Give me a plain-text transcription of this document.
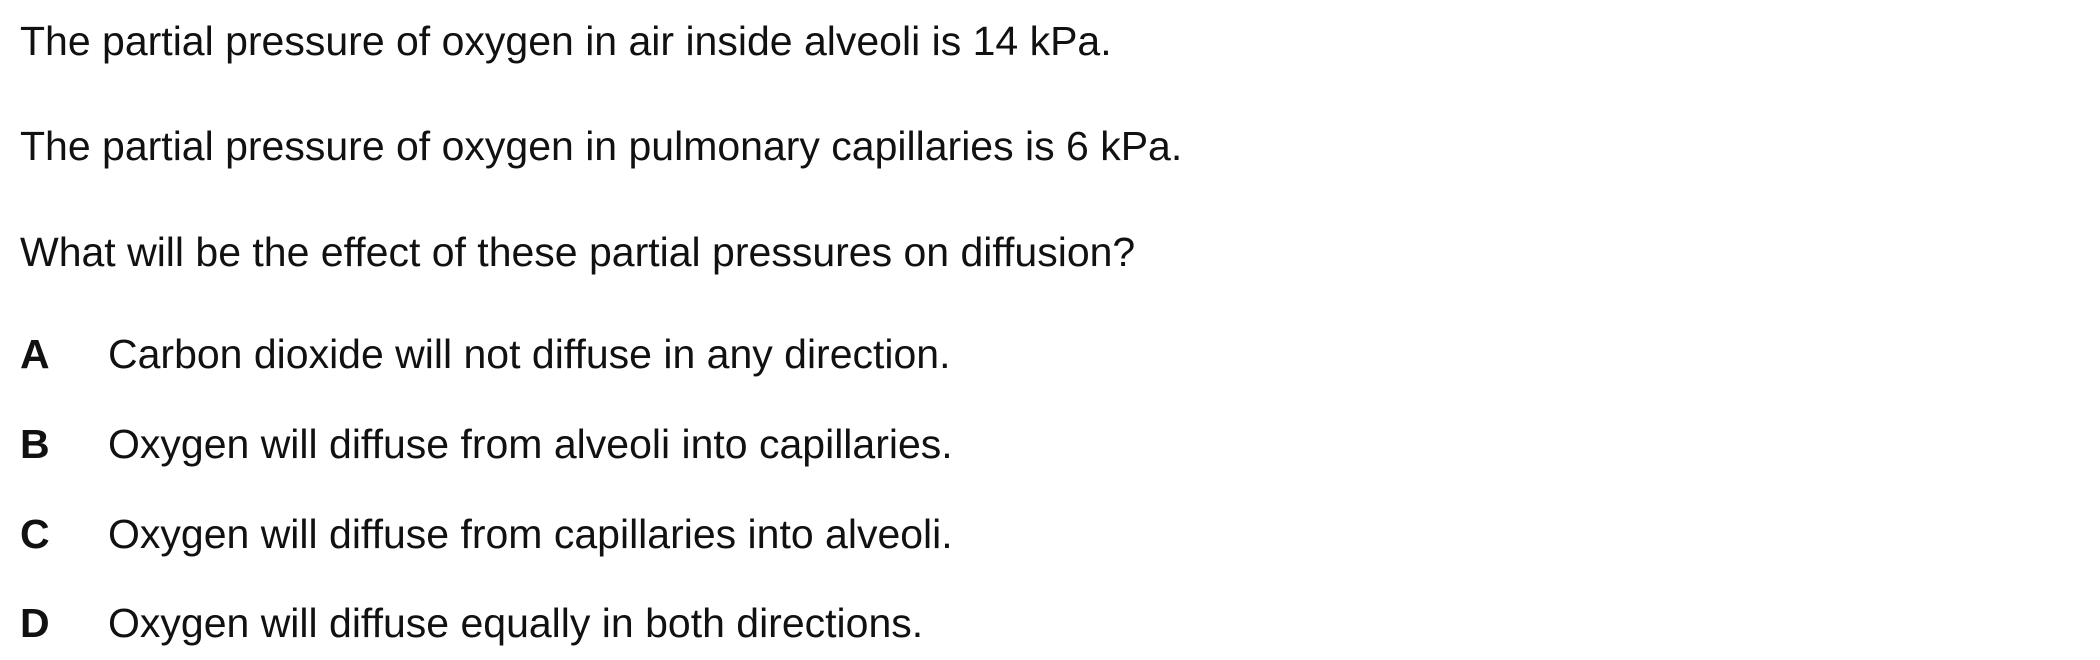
The partial pressure of oxygen in air inside alveoli is 14 kPa.
The partial pressure of oxygen in pulmonary capillaries is 6 kPa.
What will be the effect of these partial pressures on diffusion?
A	Carbon dioxide will not diffuse in any direction.
B	Oxygen will diffuse from alveoli into capillaries.
C	Oxygen will diffuse from capillaries into alveoli.
D	Oxygen will diffuse equally in both directions.
